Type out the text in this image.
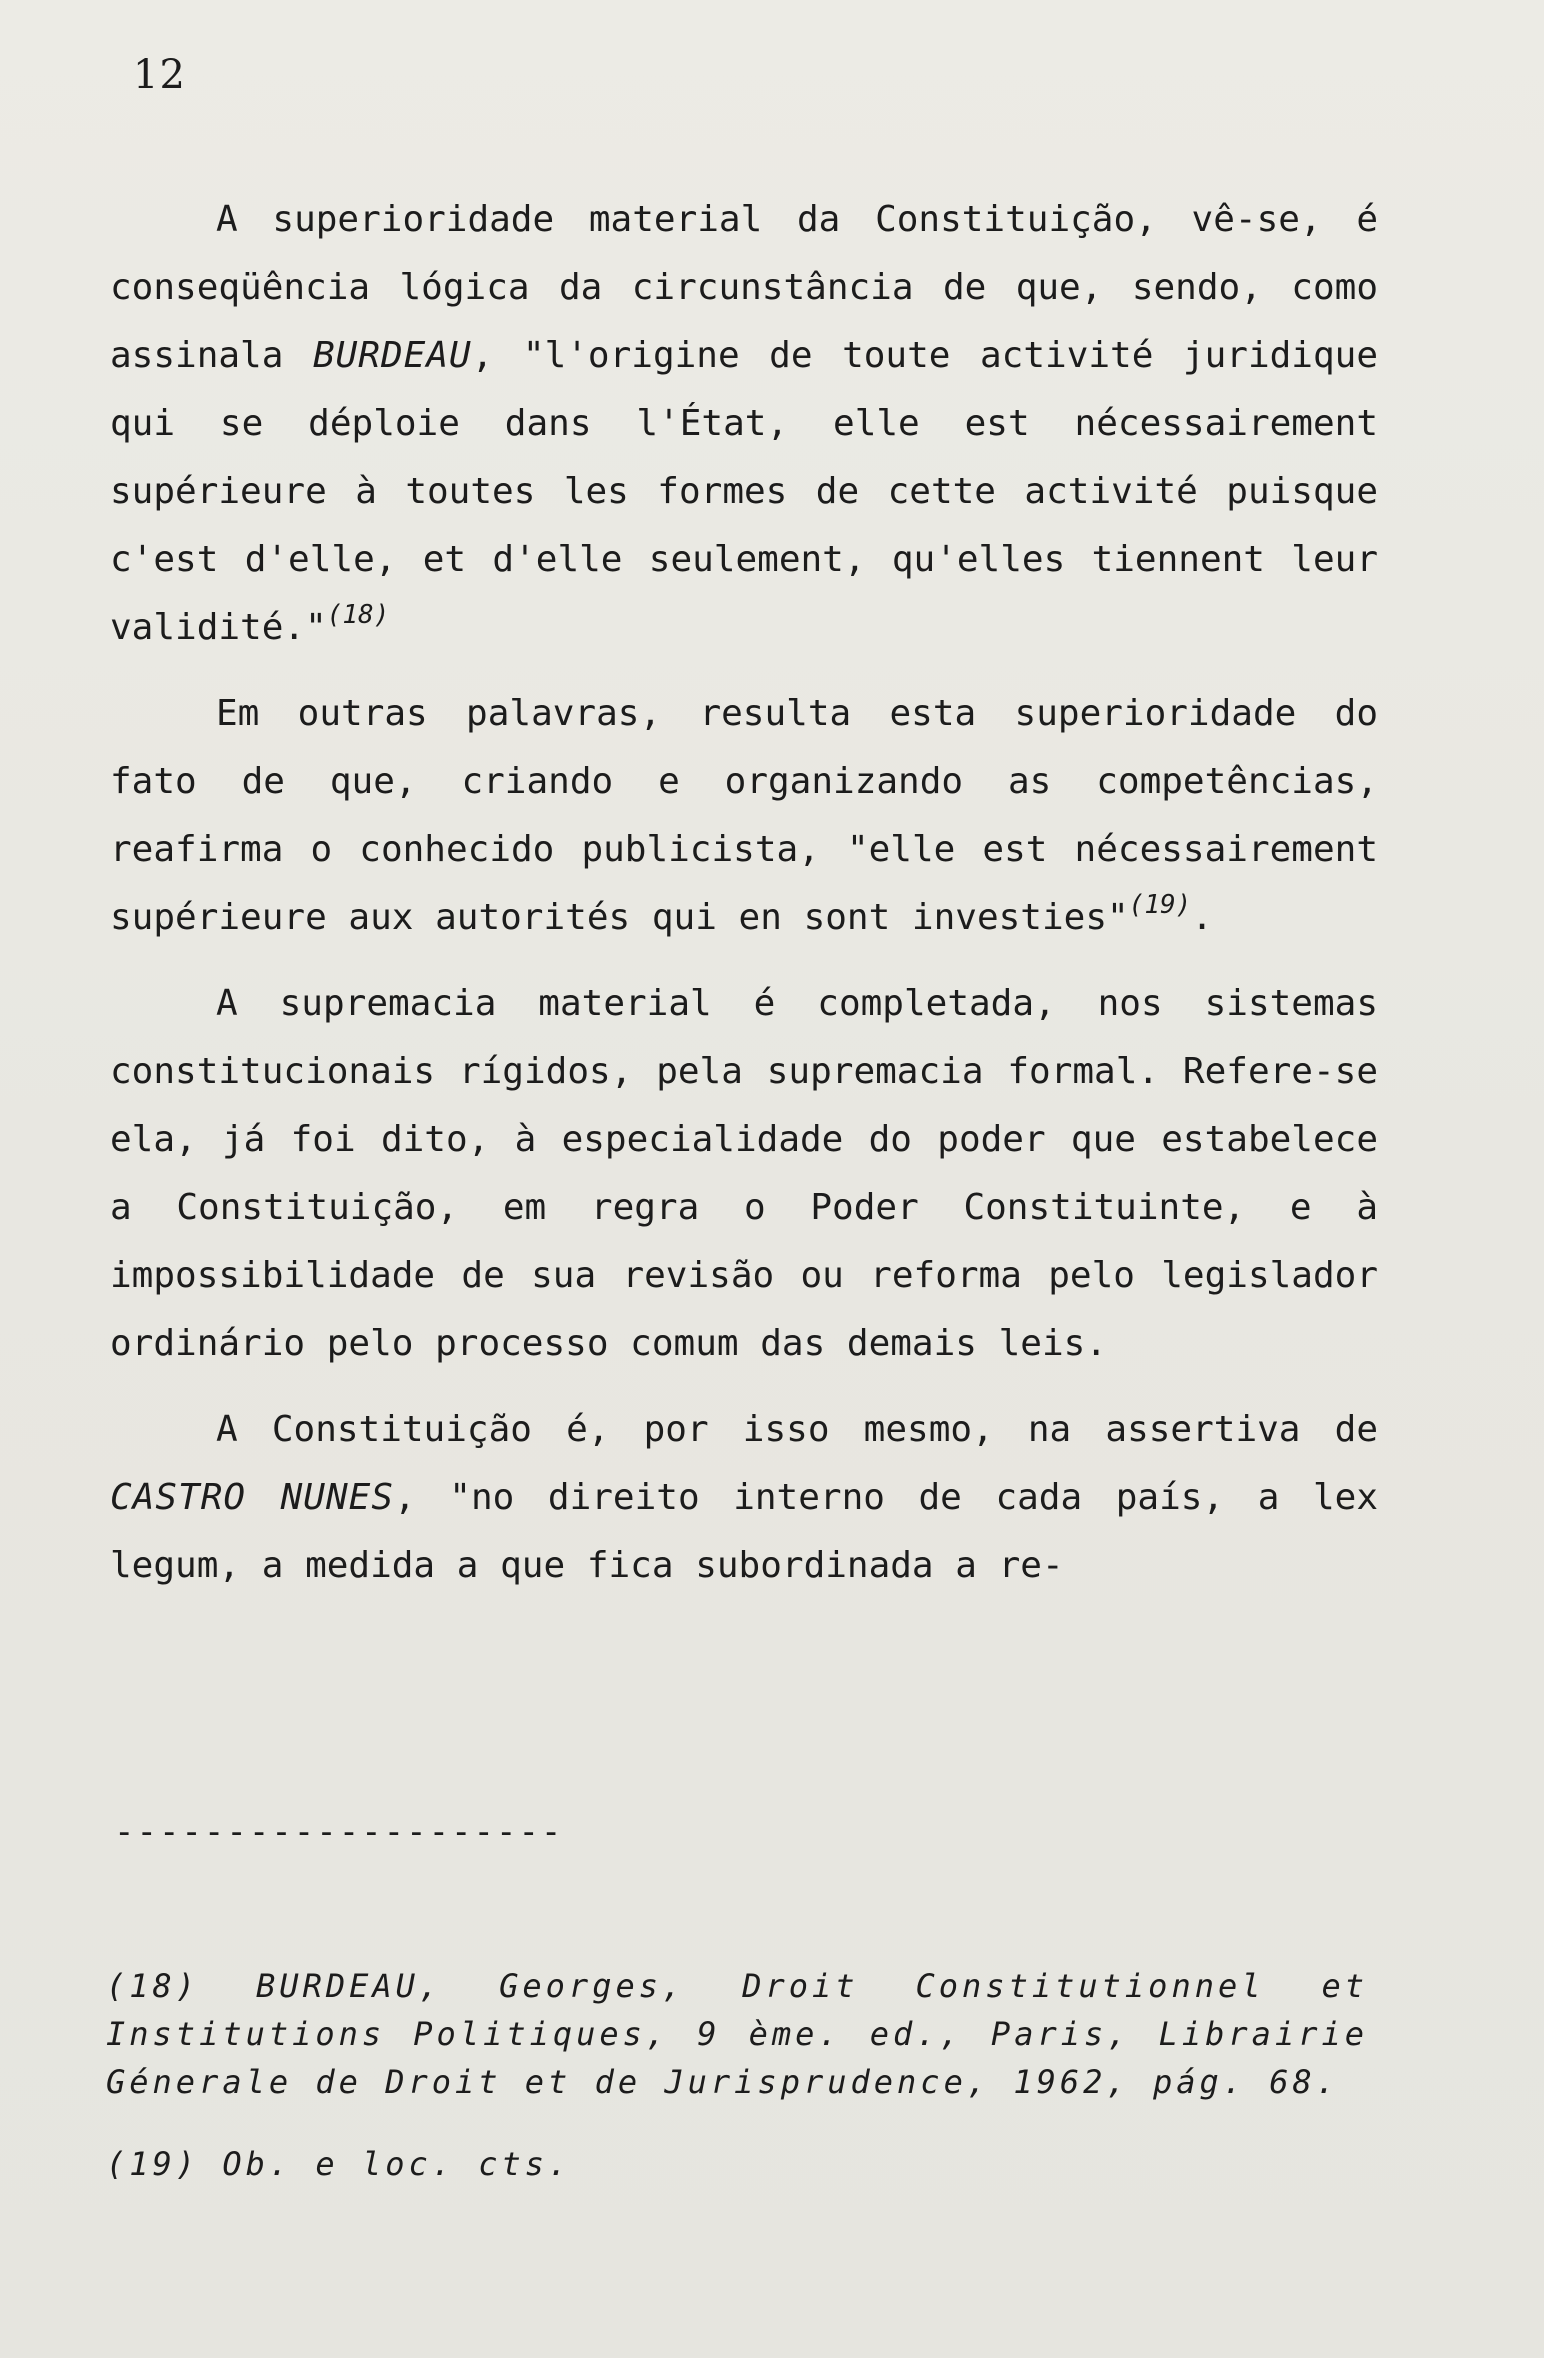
12

A superioridade material da Constituição, vê-se, é conseqüência lógica da circunstância de que, sendo, como assinala BURDEAU, "l'origine de toute activité juridique qui se déploie dans l'État, elle est nécessairement supérieure à toutes les formes de cette activité puisque c'est d'elle, et d'elle seulement, qu'elles tiennent leur validité."$^{(18)}$

Em outras palavras, resulta esta superioridade do fato de que, criando e organizando as competências, reafirma o conhecido publicista, "elle est nécessairement supérieure aux autorités qui en sont investies"$^{(19)}$.

A supremacia material é completada, nos sistemas constitucionais rígidos, pela supremacia formal. Refere-se ela, já foi dito, à especialidade do poder que estabelece a Constituição, em regra o Poder Constituinte, e à impossibilidade de sua revisão ou reforma pelo legislador ordinário pelo processo comum das demais leis.

A Constituição é, por isso mesmo, na assertiva de CASTRO NUNES, "no direito interno de cada país, a lex legum, a medida a que fica subordinada a re-

--------------------
(18) BURDEAU, Georges, Droit Constitutionnel et Institutions Politiques, 9 ème. ed., Paris, Librairie Génerale de Droit et de Jurisprudence, 1962, pág. 68.
(19) Ob. e loc. cts.
